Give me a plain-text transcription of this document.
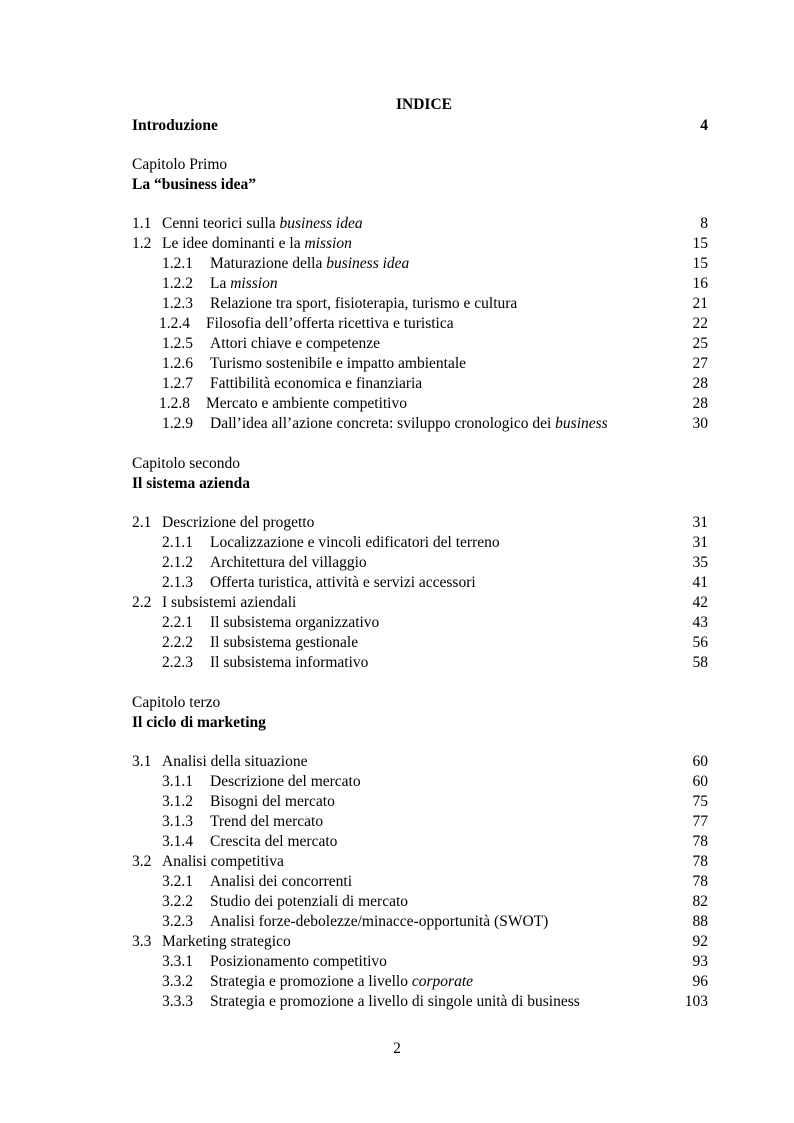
INDICE
Introduzione	4
Capitolo Primo
La “business idea”
1.1 Cenni teorici sulla business idea	8
1.2 Le idee dominanti e la mission	15
1.2.1 Maturazione della business idea	15
1.2.2 La mission	16
1.2.3 Relazione tra sport, fisioterapia, turismo e cultura	21
1.2.4 Filosofia dell’offerta ricettiva e turistica	22
1.2.5 Attori chiave e competenze	25
1.2.6 Turismo sostenibile e impatto ambientale	27
1.2.7 Fattibilità economica e finanziaria	28
1.2.8 Mercato e ambiente competitivo	28
1.2.9 Dall’idea all’azione concreta: sviluppo cronologico dei business	30
Capitolo secondo
Il sistema azienda
2.1 Descrizione del progetto	31
2.1.1 Localizzazione e vincoli edificatori del terreno	31
2.1.2 Architettura del villaggio	35
2.1.3 Offerta turistica, attività e servizi accessori	41
2.2 I subsistemi aziendali	42
2.2.1 Il subsistema organizzativo	43
2.2.2 Il subsistema gestionale	56
2.2.3 Il subsistema informativo	58
Capitolo terzo
Il ciclo di marketing
3.1 Analisi della situazione	60
3.1.1 Descrizione del mercato	60
3.1.2 Bisogni del mercato	75
3.1.3 Trend del mercato	77
3.1.4 Crescita del mercato	78
3.2 Analisi competitiva	78
3.2.1 Analisi dei concorrenti	78
3.2.2 Studio dei potenziali di mercato	82
3.2.3 Analisi forze-debolezze/minacce-opportunità (SWOT)	88
3.3 Marketing strategico	92
3.3.1 Posizionamento competitivo	93
3.3.2 Strategia e promozione a livello corporate	96
3.3.3 Strategia e promozione a livello di singole unità di business	103
2
